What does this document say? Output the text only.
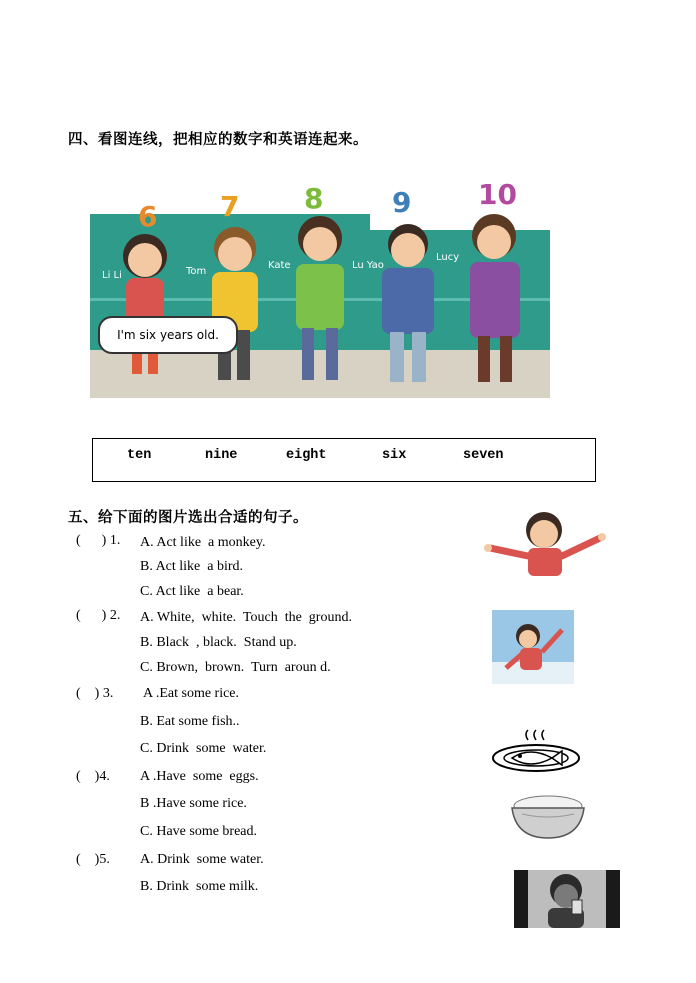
四、看图连线，把相应的数字和英语连起来。
6 7 8 9 10
Li Li	Tom
Kate	Lu Yao
Lucy
I'm six years old.
ten	nine	eight	six	seven
五、给下面的图片选出合适的句子。
(      ) 1. A. Act like  a monkey.
B. Act like  a bird.
C. Act like  a bear.
(      ) 2. A. White,  white.  Touch  the  ground.
B. Black  , black.  Stand up.
C. Brown,  brown.  Turn  aroun d.
(    ) 3. A .Eat some rice.
B. Eat some fish..
C. Drink  some  water.
(    )4. A .Have  some  eggs.
B .Have some rice.
C. Have some bread.
(    )5. A. Drink  some water.
B. Drink  some milk.
